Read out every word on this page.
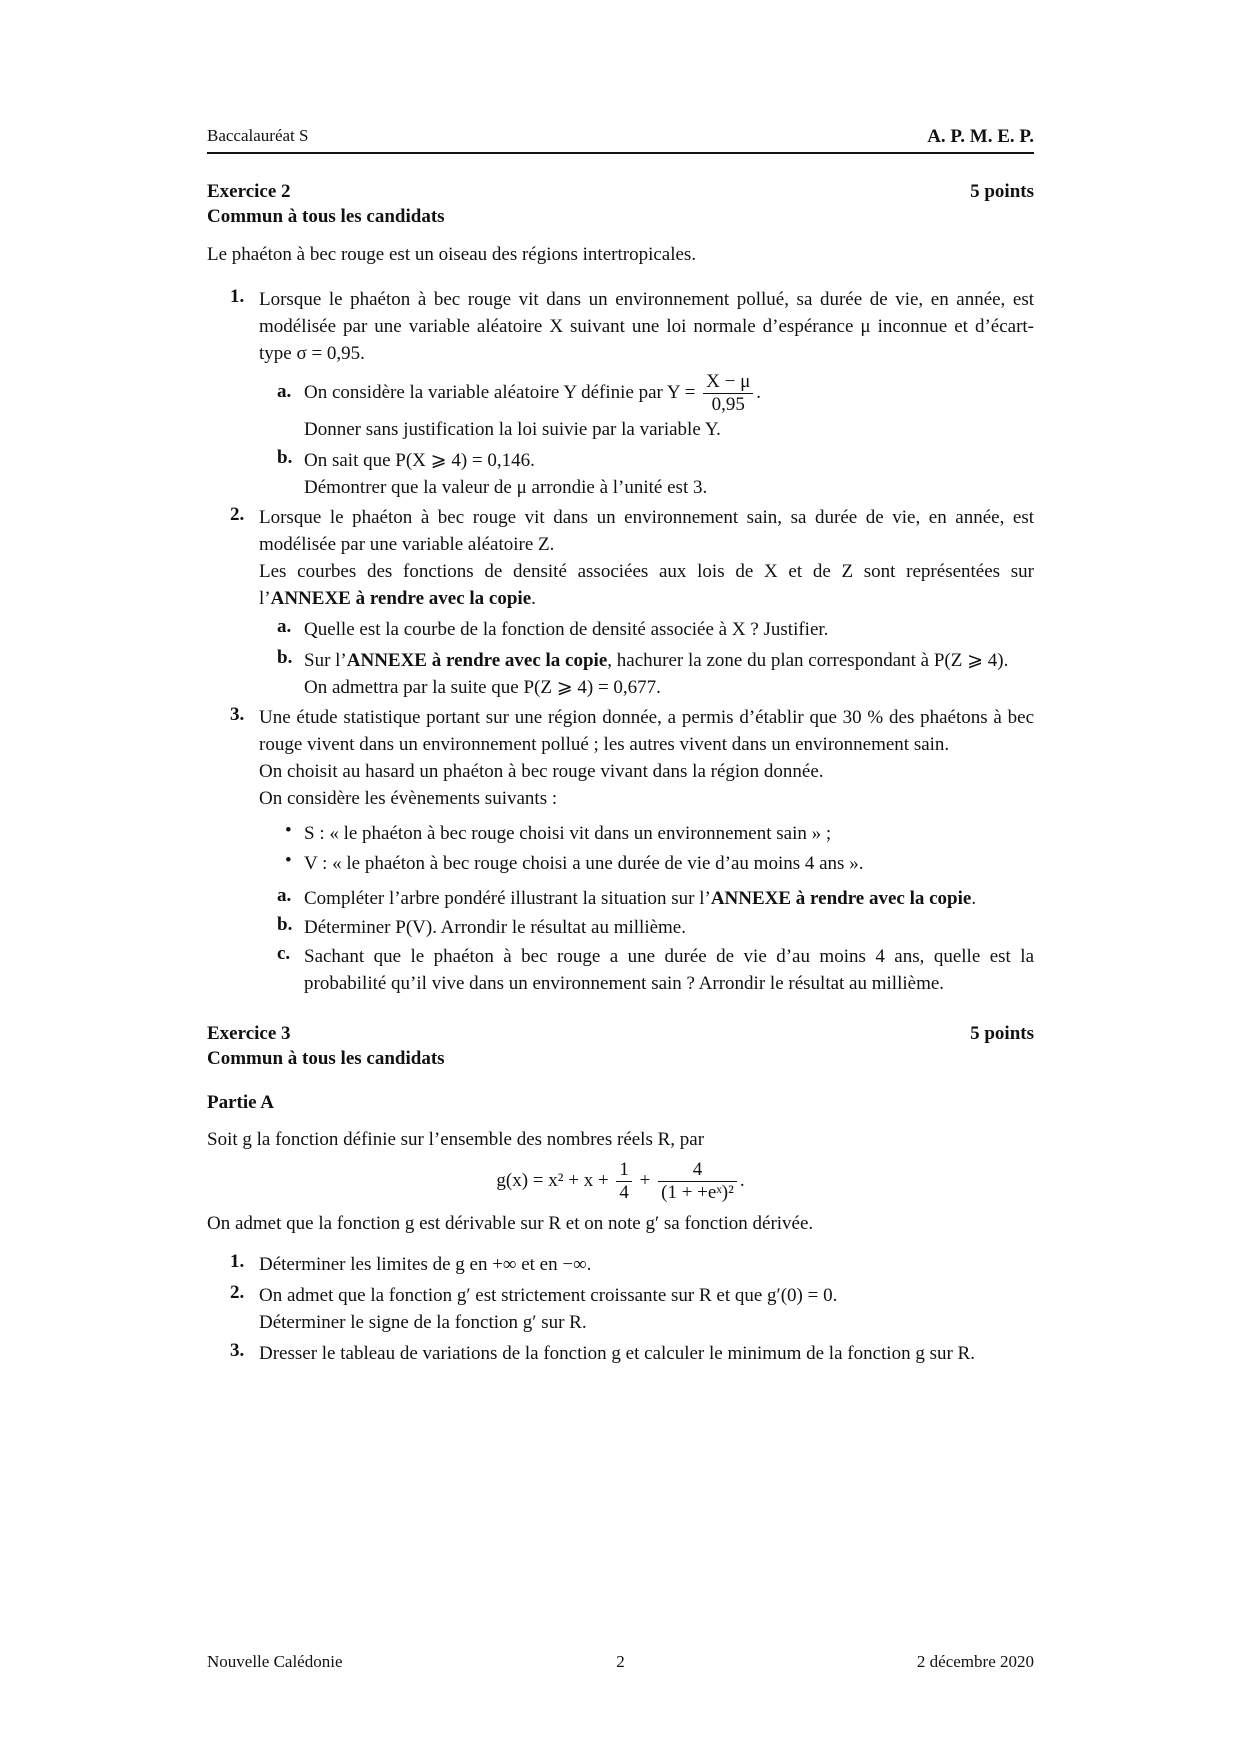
Baccalauréat S	A. P. M. E. P.
Exercice 2	5 points
Commun à tous les candidats

Le phaéton à bec rouge est un oiseau des régions intertropicales.

1. Lorsque le phaéton à bec rouge vit dans un environnement pollué, sa durée de vie, en année, est modélisée par une variable aléatoire X suivant une loi normale d’espérance μ inconnue et d’écart-type σ = 0,95.

a. On considère la variable aléatoire Y définie par $Y = \frac{X - \mu}{0,95}$ .

Donner sans justification la loi suivie par la variable Y.

b. On sait que P(X ⩾ 4) = 0,146.

Démontrer que la valeur de μ arrondie à l’unité est 3.

2. Lorsque le phaéton à bec rouge vit dans un environnement sain, sa durée de vie, en année, est modélisée par une variable aléatoire Z.

Les courbes des fonctions de densité associées aux lois de X et de Z sont représentées sur l’ANNEXE à rendre avec la copie.

a. Quelle est la courbe de la fonction de densité associée à X ? Justifier.

b. Sur l’ANNEXE à rendre avec la copie, hachurer la zone du plan correspondant à P(Z ⩾ 4).

On admettra par la suite que P(Z ⩾ 4) = 0,677.

3. Une étude statistique portant sur une région donnée, a permis d’établir que 30 % des phaétons à bec rouge vivent dans un environnement pollué ; les autres vivent dans un environnement sain.

On choisit au hasard un phaéton à bec rouge vivant dans la région donnée.

On considère les évènements suivants :

• S : « le phaéton à bec rouge choisi vit dans un environnement sain » ;

• V : « le phaéton à bec rouge choisi a une durée de vie d’au moins 4 ans ».

a. Compléter l’arbre pondéré illustrant la situation sur l’ANNEXE à rendre avec la copie.

b. Déterminer P(V). Arrondir le résultat au millième.

c. Sachant que le phaéton à bec rouge a une durée de vie d’au moins 4 ans, quelle est la probabilité qu’il vive dans un environnement sain ? Arrondir le résultat au millième.

Exercice 3	5 points
Commun à tous les candidats
Partie A

Soit g la fonction définie sur l’ensemble des nombres réels R, par

$g(x) = x^2 + x + \frac{1}{4} + \frac{4}{\text{(1 + +eˣ)²}}$ .

On admet que la fonction g est dérivable sur R et on note g′ sa fonction dérivée.

1. Déterminer les limites de g en +∞ et en −∞.

2. On admet que la fonction g′ est strictement croissante sur R et que g′(0) = 0.

Déterminer le signe de la fonction g′ sur R.

3. Dresser le tableau de variations de la fonction g et calculer le minimum de la fonction g sur R.

Nouvelle Calédonie	2	2 décembre 2020
